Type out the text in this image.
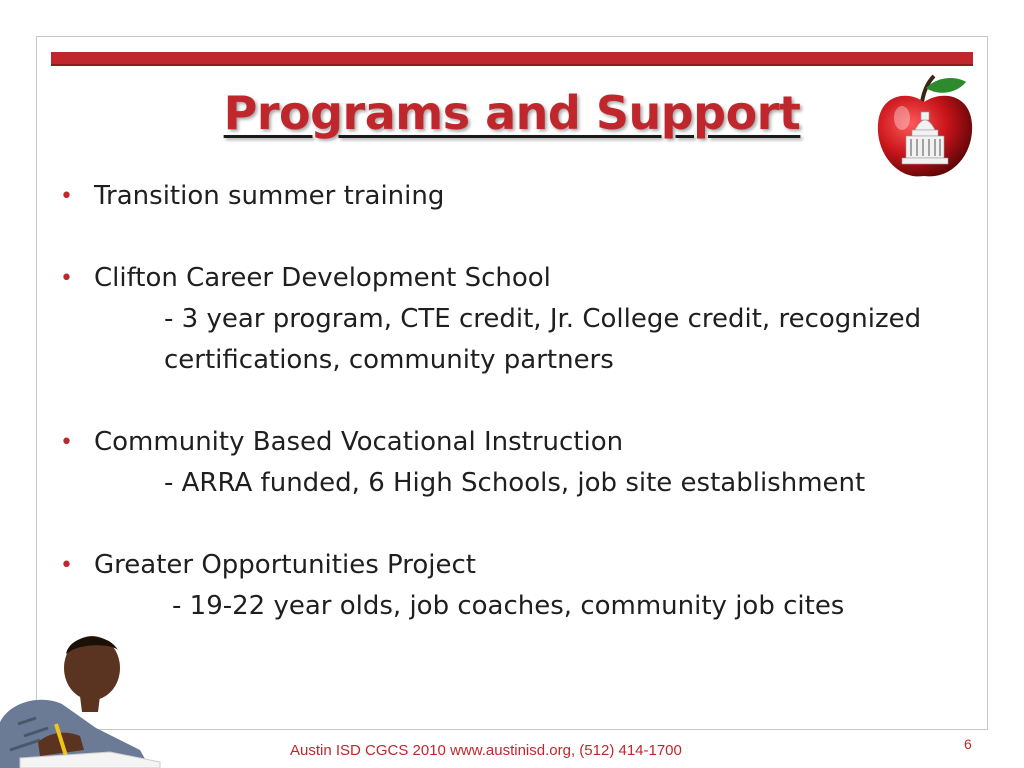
Programs and Support
• Transition summer training
• Clifton Career Development School
- 3 year program, CTE credit, Jr. College credit, recognized
certifications, community partners
• Community Based Vocational Instruction
- ARRA funded, 6 High Schools, job site establishment
• Greater Opportunities Project
- 19-22 year olds, job coaches, community job cites
Austin ISD CGCS 2010 www.austinisd.org, (512) 414-1700	6
